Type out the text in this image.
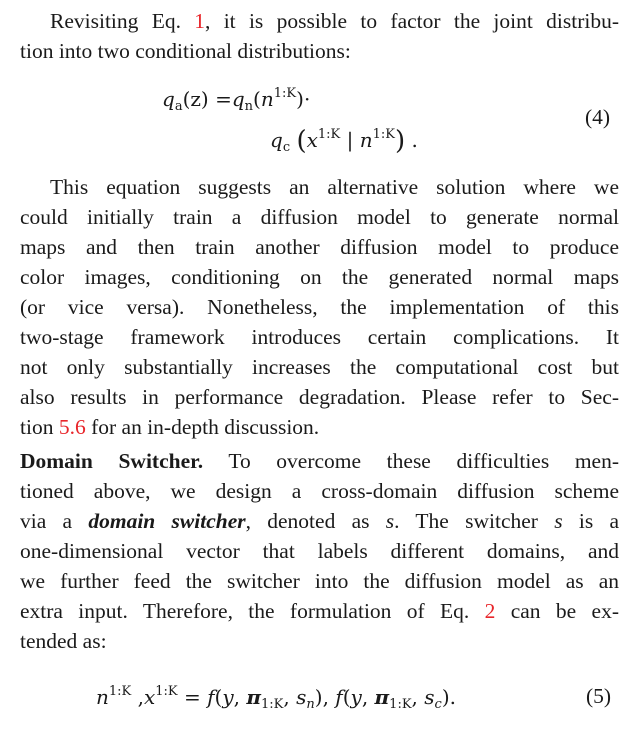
Revisiting Eq. 1, it is possible to factor the joint distribu-
tion into two conditional distributions:
$q_a(z) =q_n(n^{1:K})\cdot$
$q_c$ ($x^{1:K}$ | $n^{1:K}$) .
(4)
This equation suggests an alternative solution where we
could initially train a diffusion model to generate normal
maps and then train another diffusion model to produce
color images, conditioning on the generated normal maps
(or vice versa). Nonetheless, the implementation of this
two-stage framework introduces certain complications. It
not only substantially increases the computational cost but
also results in performance degradation. Please refer to Sec-
tion 5.6 for an in-depth discussion.
Domain Switcher. To overcome these difficulties men-
tioned above, we design a cross-domain diffusion scheme
via a domain switcher, denoted as s. The switcher s is a
one-dimensional vector that labels different domains, and
we further feed the switcher into the diffusion model as an
extra input. Therefore, the formulation of Eq. 2 can be ex-
tended as:
$n^{1:K}$ $,x^{1:K} = f(y$, $\pi_{1:K}$, $s_n$), f(y, $\pi_{1:K}$, $s_c$).	(5)
